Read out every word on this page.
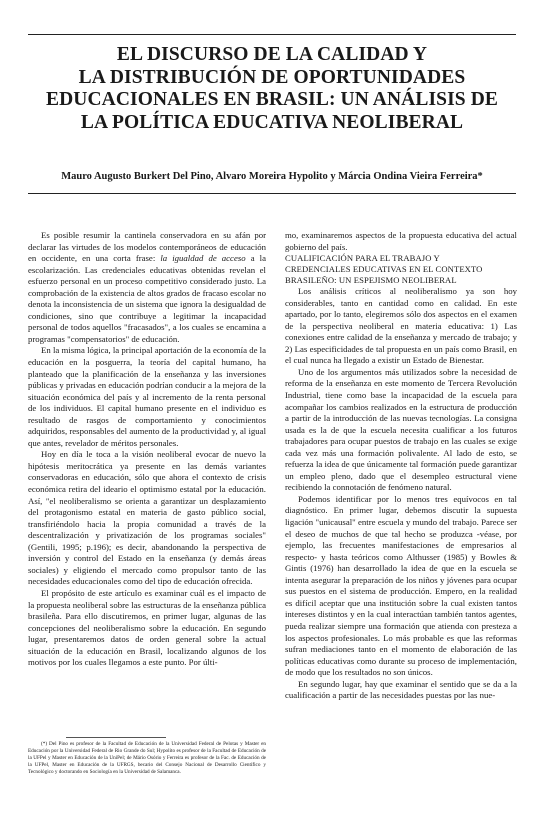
EL DISCURSO DE LA CALIDAD Y
LA DISTRIBUCIÓN DE OPORTUNIDADES
EDUCACIONALES EN BRASIL: UN ANÁLISIS DE
LA POLÍTICA EDUCATIVA NEOLIBERAL
Mauro Augusto Burkert Del Pino, Alvaro Moreira Hypolito y Márcia Ondina Vieira Ferreira*

Es posible resumir la cantinela conservadora en su afán por declarar las virtudes de los modelos contemporáneos de educación en occidente, en una corta frase: la igualdad de acceso a la escolarización. Las credenciales educativas obtenidas revelan el esfuerzo personal en un proceso competitivo considerado justo. La comprobación de la existencia de altos grados de fracaso escolar no denota la inconsistencia de un sistema que ignora la desigualdad de condiciones, sino que contribuye a legitimar la incapacidad personal de todos aquellos "fracasados", a los cuales se encamina a programas "compensatorios" de educación.

En la misma lógica, la principal aportación de la economía de la educación en la posguerra, la teoría del capital humano, ha planteado que la planificación de la enseñanza y las inversiones públicas y privadas en educación podrían conducir a la mejora de la situación económica del país y al incremento de la renta personal de los individuos. El capital humano presente en el individuo es resultado de rasgos de comportamiento y conocimientos adquiridos, responsables del aumento de la productividad y, al igual que antes, revelador de méritos personales.

Hoy en día le toca a la visión neoliberal evocar de nuevo la hipótesis meritocrática ya presente en las demás variantes conservadoras en educación, sólo que ahora el contexto de crisis económica retira del ideario el optimismo estatal por la educación. Así, "el neoliberalismo se orienta a garantizar un desplazamiento del protagonismo estatal en materia de gasto público social, transfiriéndolo hacia la propia comunidad a través de la descentralización y privatización de los programas sociales" (Gentili, 1995; p.196); es decir, abandonando la perspectiva de inversión y control del Estado en la enseñanza (y demás áreas sociales) y eligiendo el mercado como propulsor tanto de las necesidades educacionales como del tipo de educación ofrecida.

El propósito de este artículo es examinar cuál es el impacto de la propuesta neoliberal sobre las estructuras de la enseñanza pública brasileña. Para ello discutiremos, en primer lugar, algunas de las concepciones del neoliberalismo sobre la educación. En segundo lugar, presentaremos datos de orden general sobre la actual situación de la educación en Brasil, localizando algunos de los motivos por los cuales llegamos a este punto. Por últi-

mo, examinaremos aspectos de la propuesta educativa del actual gobierno del país.

CUALIFICACIÓN PARA EL TRABAJO Y
CREDENCIALES EDUCATIVAS EN EL CONTEXTO
BRASILEÑO: UN ESPEJISMO NEOLIBERAL

Los análisis críticos al neoliberalismo ya son hoy considerables, tanto en cantidad como en calidad. En este apartado, por lo tanto, elegiremos sólo dos aspectos en el examen de la perspectiva neoliberal en materia educativa: 1) Las conexiones entre calidad de la enseñanza y mercado de trabajo; y 2) Las especificidades de tal propuesta en un país como Brasil, en el cual nunca ha llegado a existir un Estado de Bienestar.

Uno de los argumentos más utilizados sobre la necesidad de reforma de la enseñanza en este momento de Tercera Revolución Industrial, tiene como base la incapacidad de la escuela para acompañar los cambios realizados en la estructura de producción a partir de la introducción de las nuevas tecnologías. La consigna usada es la de que la escuela necesita cualificar a los futuros trabajadores para ocupar puestos de trabajo en las cuales se exige cada vez más una formación polivalente. Al lado de esto, se refuerza la idea de que únicamente tal formación puede garantizar un empleo pleno, dado que el desempleo estructural viene recibiendo la connotación de fenómeno natural.

Podemos identificar por lo menos tres equívocos en tal diagnóstico. En primer lugar, debemos discutir la supuesta ligación "unicausal" entre escuela y mundo del trabajo. Parece ser el deseo de muchos de que tal hecho se produzca -véase, por ejemplo, las frecuentes manifestaciones de empresarios al respecto- y hasta teóricos como Althusser (1985) y Bowles & Gintis (1976) han desarrollado la idea de que en la escuela se intenta asegurar la preparación de los niños y jóvenes para ocupar sus puestos en el sistema de producción. Empero, en la realidad es difícil aceptar que una institución sobre la cual existen tantos intereses distintos y en la cual interactúan también tantos agentes, pueda realizar siempre una formación que atienda con presteza a los aspectos profesionales. Lo más probable es que las reformas sufran mediaciones tanto en el momento de elaboración de las políticas educativas como durante su proceso de implementación, de modo que los resultados no son únicos.

En segundo lugar, hay que examinar el sentido que se da a la cualificación a partir de las necesidades puestas por las nue-

(*) Del Pino es profesor de la Facultad de Educación de la Universidad Federal de Pelotas y Master en Educación por la Universidad Federal de Rio Grande do Sul; Hypolito es profesor de la Facultad de Educación de la UFPel y Master en Educación de la UniPel; de Mário Osório y Ferreira es profesor de la Fac. de Educación de la UFPel, Master en Educación de la UFRGS, becario del Consejo Nacional de Desarrollo Científico y Tecnológico y doctorando en Sociología en la Universidad de Salamanca.
